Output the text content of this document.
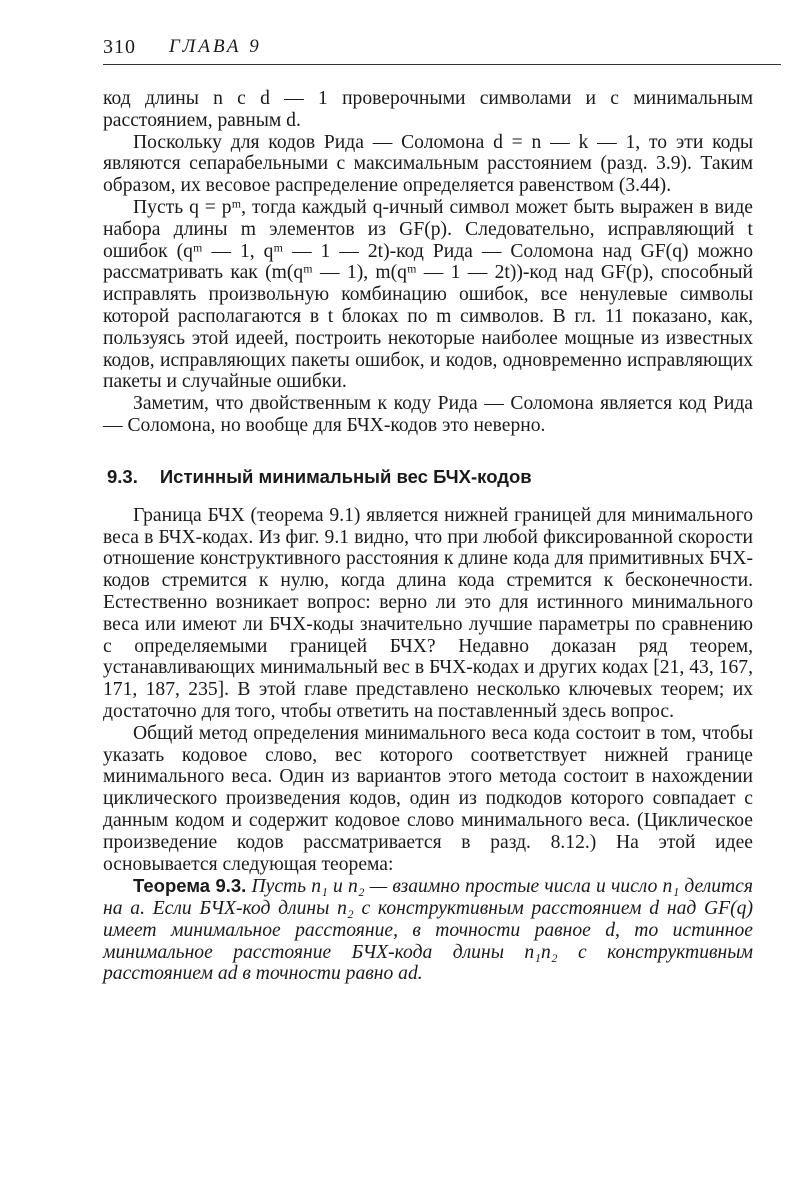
310 ГЛАВА 9

код длины n с d — 1 проверочными символами и с минимальным расстоянием, равным d.

Поскольку для кодов Рида — Соломона d = n — k — 1, то эти коды являются сепарабельными с максимальным расстоянием (разд. 3.9). Таким образом, их весовое распределение определяется равенством (3.44).

Пусть q = pᵐ, тогда каждый q-ичный символ может быть выражен в виде набора длины m элементов из GF(p). Следовательно, исправляющий t ошибок (qᵐ — 1, qᵐ — 1 — 2t)-код Рида — Соломона над GF(q) можно рассматривать как (m(qᵐ — 1), m(qᵐ — 1 — 2t))-код над GF(p), способный исправлять произвольную комбинацию ошибок, все ненулевые символы которой располагаются в t блоках по m символов. В гл. 11 показано, как, пользуясь этой идеей, построить некоторые наиболее мощные из известных кодов, исправляющих пакеты ошибок, и кодов, одновременно исправляющих пакеты и случайные ошибки.

Заметим, что двойственным к коду Рида — Соломона является код Рида — Соломона, но вообще для БЧХ-кодов это неверно.

9.3. Истинный минимальный вес БЧХ-кодов

Граница БЧХ (теорема 9.1) является нижней границей для минимального веса в БЧХ-кодах. Из фиг. 9.1 видно, что при любой фиксированной скорости отношение конструктивного расстояния к длине кода для примитивных БЧХ-кодов стремится к нулю, когда длина кода стремится к бесконечности. Естественно возникает вопрос: верно ли это для истинного минимального веса или имеют ли БЧХ-коды значительно лучшие параметры по сравнению с определяемыми границей БЧХ? Недавно доказан ряд теорем, устанавливающих минимальный вес в БЧХ-кодах и других кодах [21, 43, 167, 171, 187, 235]. В этой главе представлено несколько ключевых теорем; их достаточно для того, чтобы ответить на поставленный здесь вопрос.

Общий метод определения минимального веса кода состоит в том, чтобы указать кодовое слово, вес которого соответствует нижней границе минимального веса. Один из вариантов этого метода состоит в нахождении циклического произведения кодов, один из подкодов которого совпадает с данным кодом и содержит кодовое слово минимального веса. (Циклическое произведение кодов рассматривается в разд. 8.12.) На этой идее основывается следующая теорема:

Теорема 9.3. Пусть n₁ и n₂ — взаимно простые числа и число n₁ делится на a. Если БЧХ-код длины n₂ с конструктивным расстоянием d над GF(q) имеет минимальное расстояние, в точности равное d, то истинное минимальное расстояние БЧХ-кода длины n₁n₂ с конструктивным расстоянием ad в точности равно ad.
